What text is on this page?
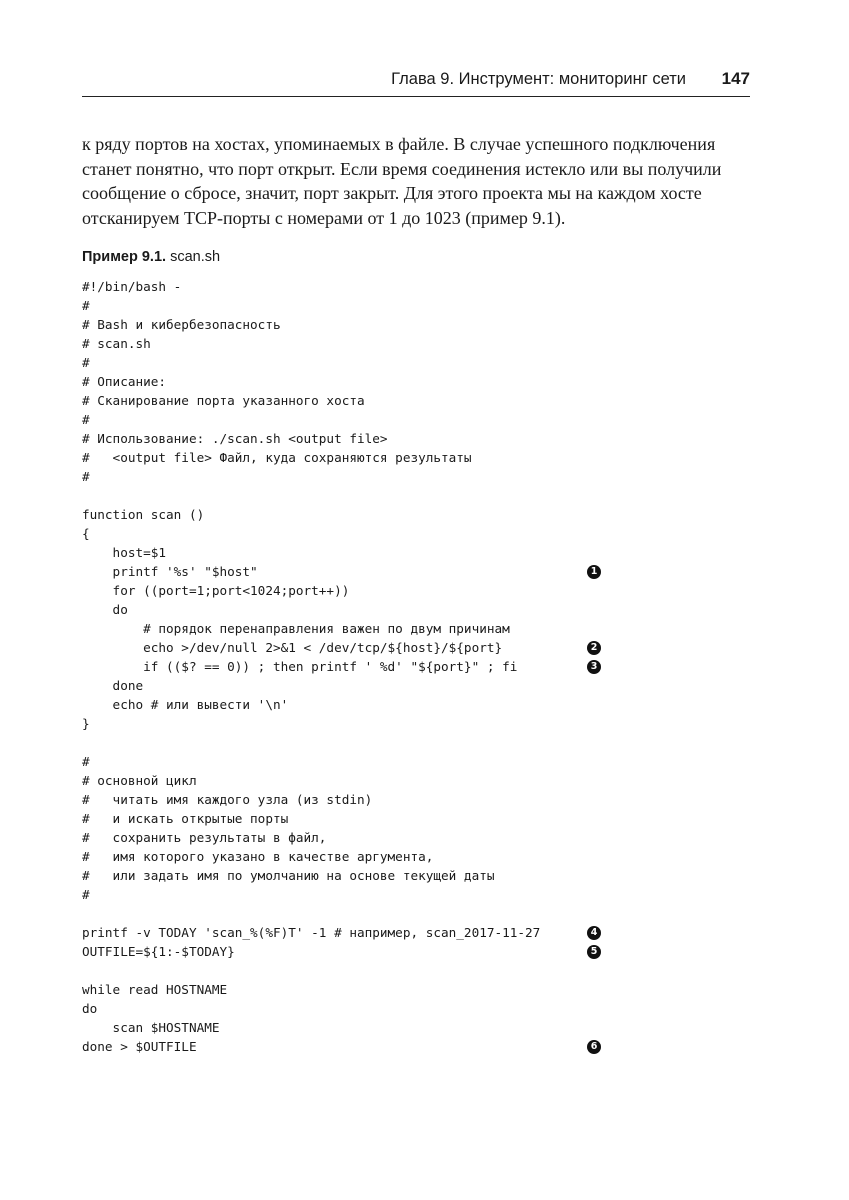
Глава 9. Инструмент: мониторинг сети 147
к ряду портов на хостах, упоминаемых в файле. В случае успешного подключения
станет понятно, что порт открыт. Если время соединения истекло или вы получили
сообщение о сбросе, значит, порт закрыт. Для этого проекта мы на каждом хосте
отсканируем TCP-порты с номерами от 1 до 1023 (пример 9.1).
Пример 9.1. scan.sh
#!/bin/bash -
#
# Bash и кибербезопасность
# scan.sh
#
# Описание:
# Сканирование порта указанного хоста
#
# Использование: ./scan.sh <output file>
#   <output file> Файл, куда сохраняются результаты
#
function scan ()
{
host=$1
printf '%s' "$host"
for ((port=1;port<1024;port++))
do
# порядок перенаправления важен по двум причинам
echo >/dev/null 2>&1 < /dev/tcp/${host}/${port}
if (($? == 0)) ; then printf ' %d' "${port}" ; fi
done
echo # или вывести '\n'
}
#
# основной цикл
#   читать имя каждого узла (из stdin)
#   и искать открытые порты
#   сохранить результаты в файл,
#   имя которого указано в качестве аргумента,
#   или задать имя по умолчанию на основе текущей даты
#
printf -v TODAY 'scan_%(%F)T' -1 # например, scan_2017-11-27
OUTFILE=${1:-$TODAY}
while read HOSTNAME
do
scan $HOSTNAME
done > $OUTFILE
1
2
3
4
5
6
